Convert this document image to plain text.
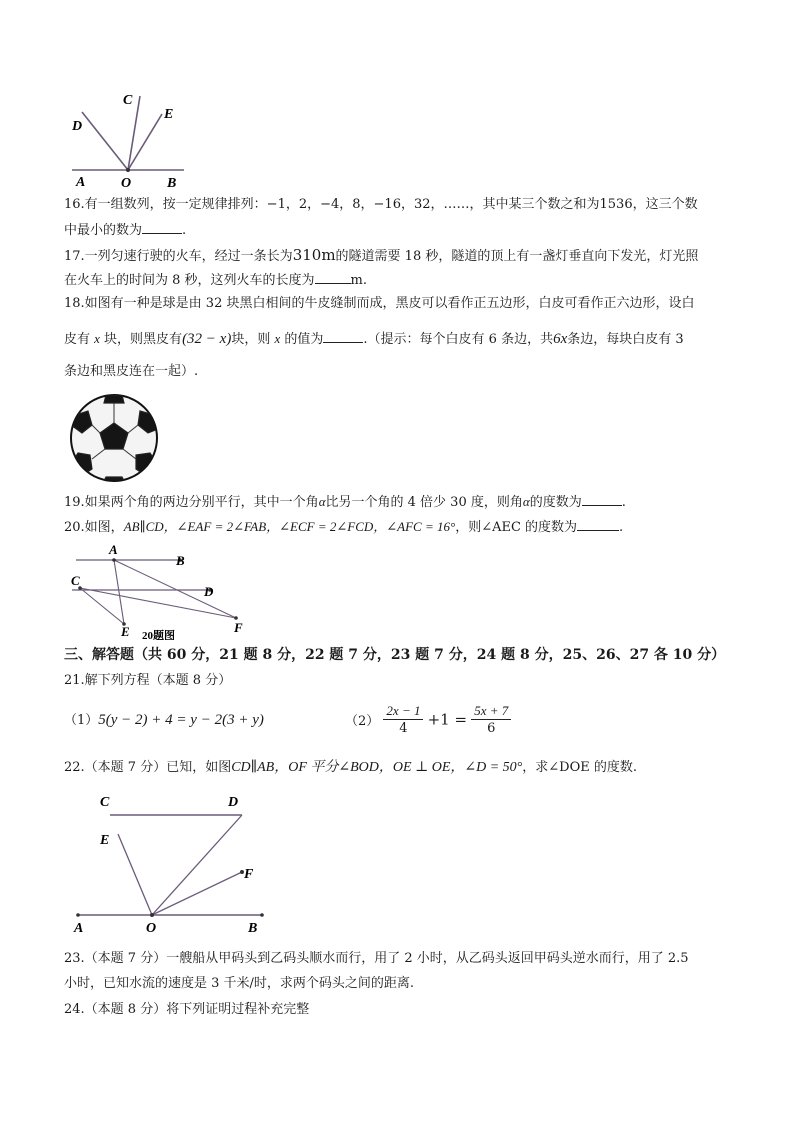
C
D
E
A	O	B
16.有一组数列，按一定规律排列：−1，2，−4，8，−16，32，……，其中某三个数之和为1536，这三个数
中最小的数为	.
17.一列匀速行驶的火车，经过一条长为310m的隧道需要 18 秒，隧道的顶上有一盏灯垂直向下发光，灯光照
在火车上的时间为 8 秒，这列火车的长度为	m.
18.如图有一种是球是由 32 块黑白相间的牛皮缝制而成，黑皮可以看作正五边形，白皮可看作正六边形，设白
皮有 x 块，则黑皮有(32 − x)块，则 x 的值为	.（提示：每个白皮有 6 条边，共6x条边，每块白皮有 3
条边和黑皮连在一起）.
19.如果两个角的两边分别平行，其中一个角α比另一个角的 4 倍少 30 度，则角α的度数为	.
20.如图，AB∥CD，∠EAF = 2∠FAB，∠ECF = 2∠FCD，∠AFC = 16°，则∠AEC 的度数为	.
A
B
C
D
E	F
20题图
三、解答题（共 60 分，21 题 8 分，22 题 7 分，23 题 7 分，24 题 8 分，25、26、27 各 10 分）
21.解下列方程（本题 8 分）
（1）5(y − 2) + 4 = y − 2(3 + y)	$(2) \frac{2x - 1}{4} +1 = \frac{5x + 7}{6}$
22.（本题 7 分）已知，如图CD∥AB，OF 平分∠BOD，OE ⊥ OE，∠D = 50°，求∠DOE 的度数.
C	D
E
F
A	O	B
23.（本题 7 分）一艘船从甲码头到乙码头顺水而行，用了 2 小时，从乙码头返回甲码头逆水而行，用了 2.5
小时，已知水流的速度是 3 千米/时，求两个码头之间的距离.
24.（本题 8 分）将下列证明过程补充完整
